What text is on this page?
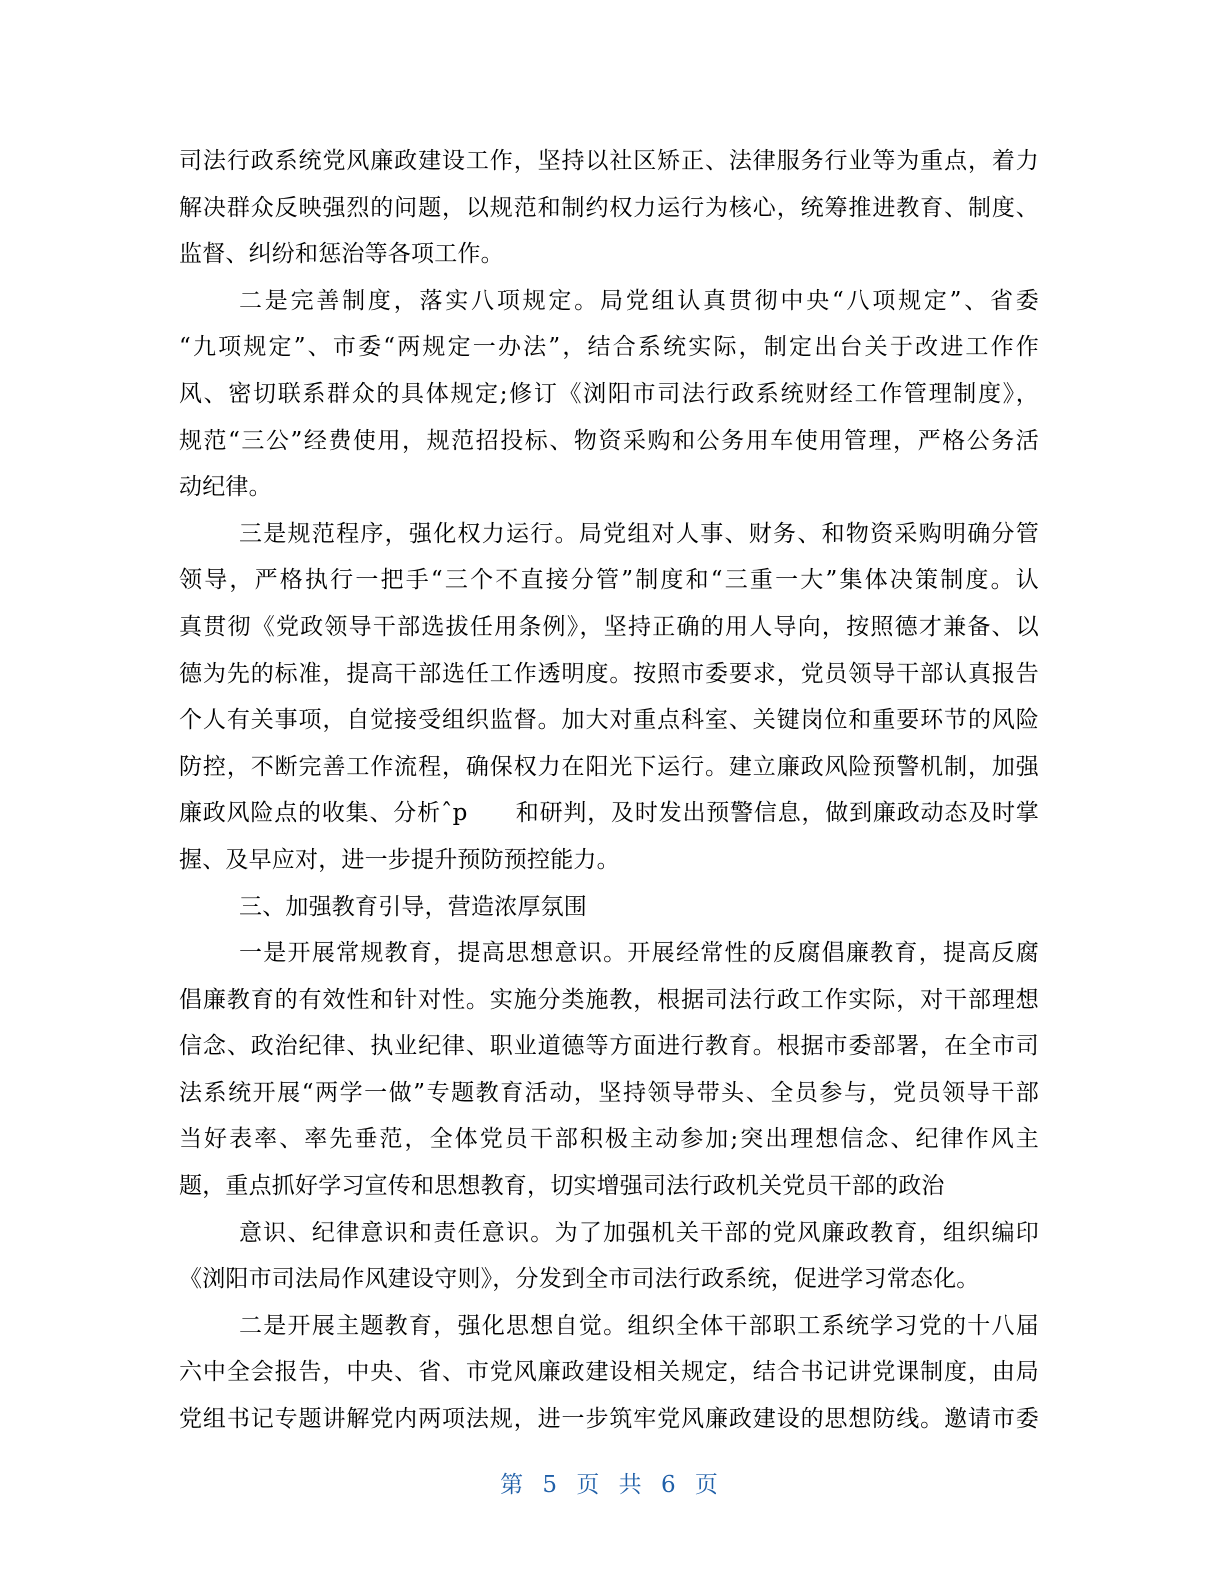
司法行政系统党风廉政建设工作，坚持以社区矫正、法律服务行业等为重点，着力
解决群众反映强烈的问题，以规范和制约权力运行为核心，统筹推进教育、制度、
监督、纠纷和惩治等各项工作。
二是完善制度，落实八项规定。局党组认真贯彻中央“八项规定”、省委
“九项规定”、市委“两规定一办法”，结合系统实际，制定出台关于改进工作作
风、密切联系群众的具体规定;修订《浏阳市司法行政系统财经工作管理制度》，
规范“三公”经费使用，规范招投标、物资采购和公务用车使用管理，严格公务活
动纪律。
三是规范程序，强化权力运行。局党组对人事、财务、和物资采购明确分管
领导，严格执行一把手“三个不直接分管”制度和“三重一大”集体决策制度。认
真贯彻《党政领导干部选拔任用条例》，坚持正确的用人导向，按照德才兼备、以
德为先的标准，提高干部选任工作透明度。按照市委要求，党员领导干部认真报告
个人有关事项，自觉接受组织监督。加大对重点科室、关键岗位和重要环节的风险
防控，不断完善工作流程，确保权力在阳光下运行。建立廉政风险预警机制，加强
廉政风险点的收集、分析ˆp　　和研判，及时发出预警信息，做到廉政动态及时掌
握、及早应对，进一步提升预防预控能力。
三、加强教育引导，营造浓厚氛围
一是开展常规教育，提高思想意识。开展经常性的反腐倡廉教育，提高反腐
倡廉教育的有效性和针对性。实施分类施教，根据司法行政工作实际，对干部理想
信念、政治纪律、执业纪律、职业道德等方面进行教育。根据市委部署，在全市司
法系统开展“两学一做”专题教育活动，坚持领导带头、全员参与，党员领导干部
当好表率、率先垂范，全体党员干部积极主动参加;突出理想信念、纪律作风主
题，重点抓好学习宣传和思想教育，切实增强司法行政机关党员干部的政治
意识、纪律意识和责任意识。为了加强机关干部的党风廉政教育，组织编印
《浏阳市司法局作风建设守则》，分发到全市司法行政系统，促进学习常态化。
二是开展主题教育，强化思想自觉。组织全体干部职工系统学习党的十八届
六中全会报告，中央、省、市党风廉政建设相关规定，结合书记讲党课制度，由局
党组书记专题讲解党内两项法规，进一步筑牢党风廉政建设的思想防线。邀请市委
第 5 页 共 6 页
